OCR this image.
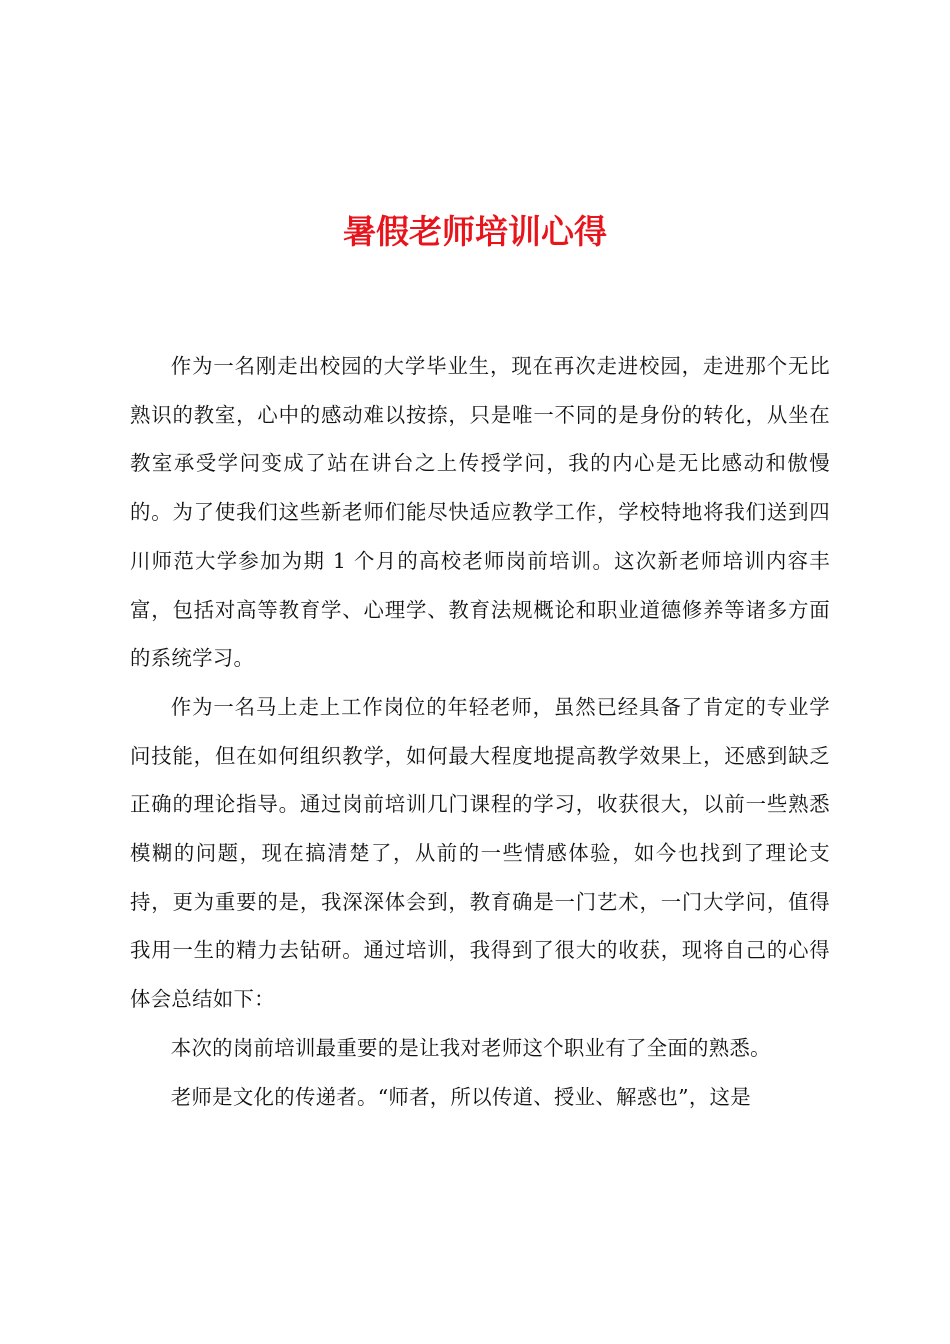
暑假老师培训心得

作为一名刚走出校园的大学毕业生，现在再次走进校园，走进那个无比熟识的教室，心中的感动难以按捺，只是唯一不同的是身份的转化，从坐在教室承受学问变成了站在讲台之上传授学问，我的内心是无比感动和傲慢的。为了使我们这些新老师们能尽快适应教学工作，学校特地将我们送到四川师范大学参加为期 1 个月的高校老师岗前培训。这次新老师培训内容丰富，包括对高等教育学、心理学、教育法规概论和职业道德修养等诸多方面的系统学习。

作为一名马上走上工作岗位的年轻老师，虽然已经具备了肯定的专业学问技能，但在如何组织教学，如何最大程度地提高教学效果上，还感到缺乏正确的理论指导。通过岗前培训几门课程的学习，收获很大，以前一些熟悉模糊的问题，现在搞清楚了，从前的一些情感体验，如今也找到了理论支持，更为重要的是，我深深体会到，教育确是一门艺术，一门大学问，值得我用一生的精力去钻研。通过培训，我得到了很大的收获，现将自己的心得体会总结如下：

本次的岗前培训最重要的是让我对老师这个职业有了全面的熟悉。

老师是文化的传递者。“师者，所以传道、授业、解惑也”，这是
